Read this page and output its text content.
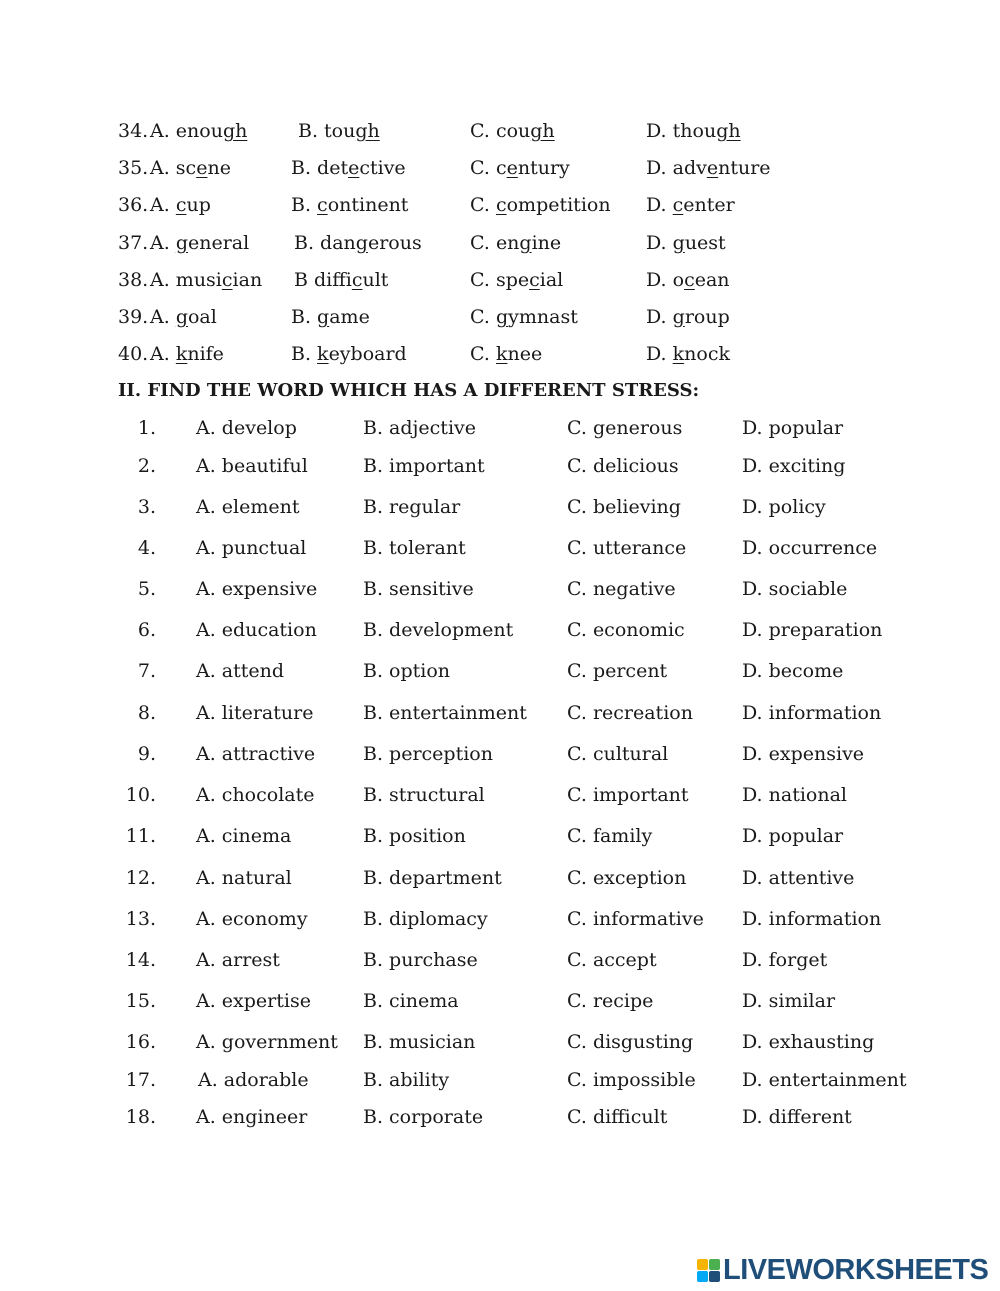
34. A. enough	B. tough	C. cough	D. though
35. A. scene	B. detective	C. century	D. adventure
36. A. cup	B. continent	C. competition D. center
37. A. general B. dangerous	C. engine	D. guest
38. A. musician B difficult	C. special	D. ocean
39. A. goal	B. game	C. gymnast	D. group
40. A. knife	B. keyboard	C. knee	D. knock
II. FIND THE WORD WHICH HAS A DIFFERENT STRESS:
1. A. develop	B. adjective	C. generous	D. popular
2. A. beautiful	B. important	C. delicious	D. exciting
3. A. element	B. regular	C. believing	D. policy
4. A. punctual	B. tolerant	C. utterance	D. occurrence
5. A. expensive B. sensitive	C. negative	D. sociable
6. A. education B. development	C. economic	D. preparation
7. A. attend	B. option	C. percent	D. become
8. A. literature	B. entertainment C. recreation	D. information
9. A. attractive	B. perception	C. cultural	D. expensive
10. A. chocolate	B. structural	C. important	D. national
11. A. cinema	B. position	C. family	D. popular
12. A. natural	B. department	C. exception	D. attentive
13. A. economy	B. diplomacy	C. informative D. information
14. A. arrest	B. purchase	C. accept	D. forget
15. A. expertise	B. cinema	C. recipe	D. similar
16. A. government B. musician	C. disgusting	D. exhausting
17. A. adorable	B. ability	C. impossible D. entertainment
18. A. engineer	B. corporate	C. difficult	D. different
LIVEWORKSHEETS
